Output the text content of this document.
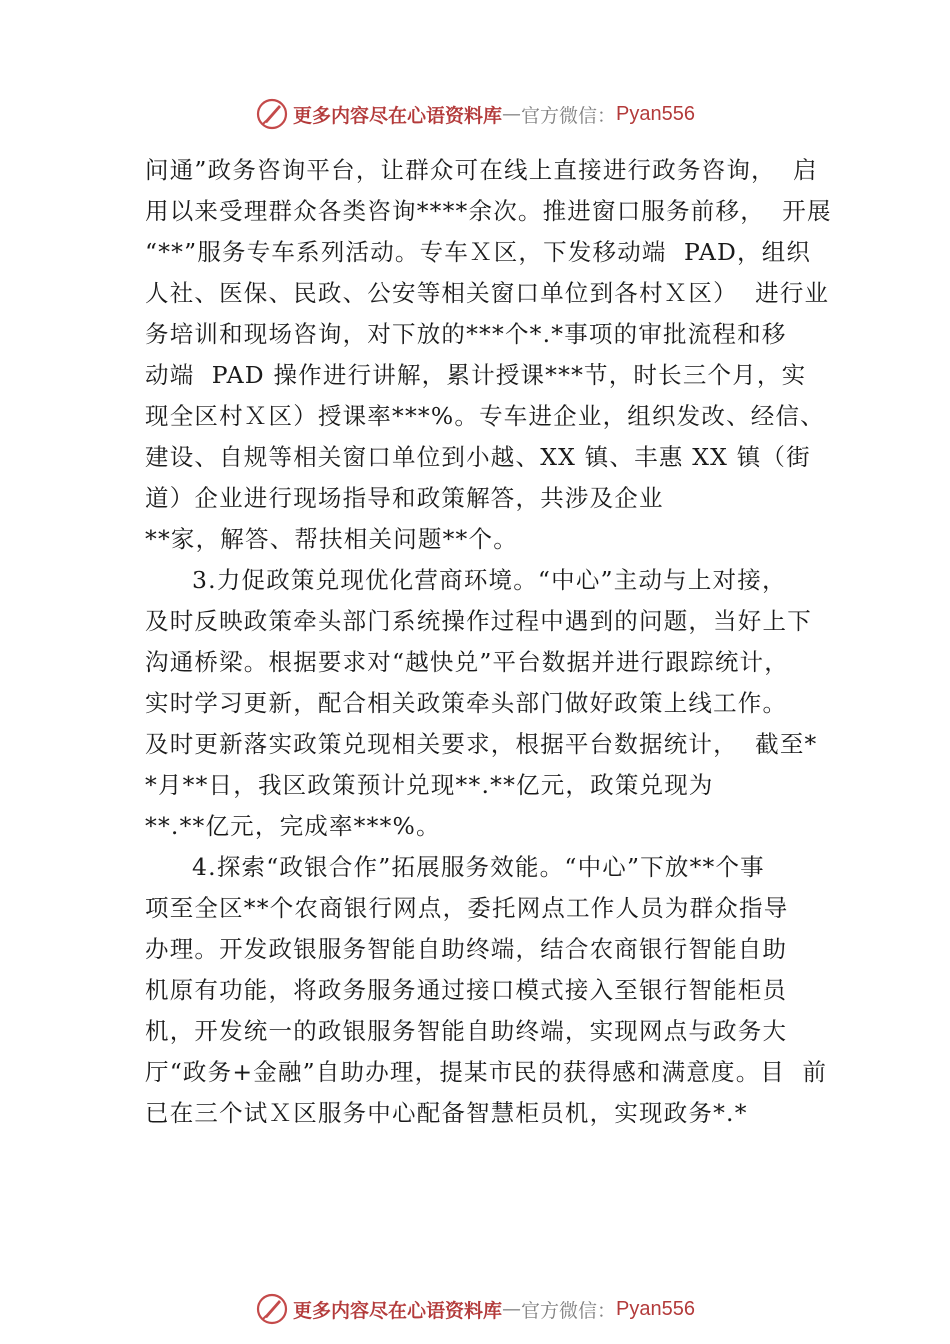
更多内容尽在心语资料库 — 官方微信： Pyan556
问通”政务咨询平台，让群众可在线上直接进行政务咨询，  启
用以来受理群众各类咨询****余次。推进窗口服务前移，  开展
“**”服务专车系列活动。专车Ｘ区，下发移动端  PAD，组织
人社、医保、民政、公安等相关窗口单位到各村Ｘ区）  进行业
务培训和现场咨询，对下放的***个*.*事项的审批流程和移
动端  PAD 操作进行讲解，累计授课***节，时长三个月，实
现全区村Ｘ区）授课率***%。专车进企业，组织发改、经信、
建设、自规等相关窗口单位到小越、XX 镇、丰惠 XX 镇（街
道）企业进行现场指导和政策解答，共涉及企业
**家，解答、帮扶相关问题**个。
3.力促政策兑现优化营商环境。“中心”主动与上对接，
及时反映政策牵头部门系统操作过程中遇到的问题，当好上下
沟通桥梁。根据要求对“越快兑”平台数据并进行跟踪统计，
实时学习更新，配合相关政策牵头部门做好政策上线工作。
及时更新落实政策兑现相关要求，根据平台数据统计，  截至*
*月**日，我区政策预计兑现**.**亿元，政策兑现为
**.**亿元，完成率***%。
4.探索“政银合作”拓展服务效能。“中心”下放**个事
项至全区**个农商银行网点，委托网点工作人员为群众指导
办理。开发政银服务智能自助终端，结合农商银行智能自助
机原有功能，将政务服务通过接口模式接入至银行智能柜员
机，开发统一的政银服务智能自助终端，实现网点与政务大
厅“政务+金融”自助办理，提某市民的获得感和满意度。目  前
已在三个试Ｘ区服务中心配备智慧柜员机，实现政务*.*
更多内容尽在心语资料库 — 官方微信： Pyan556
